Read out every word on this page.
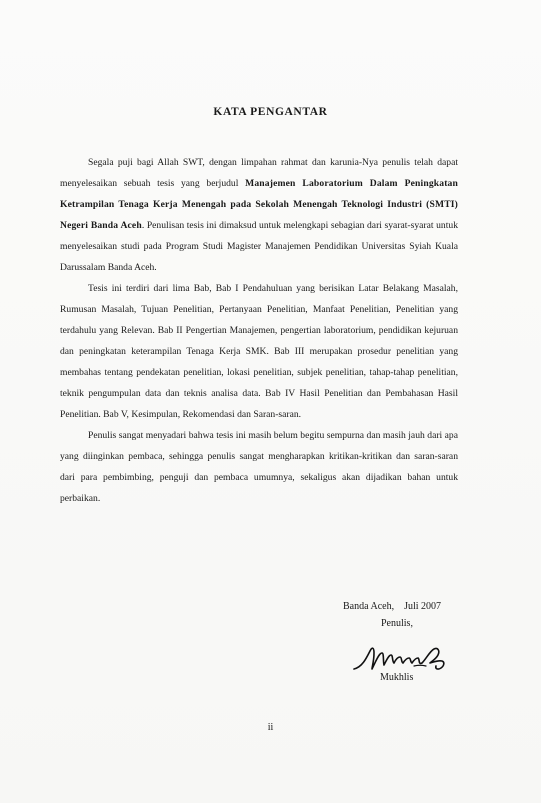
KATA PENGANTAR

Segala puji bagi Allah SWT, dengan limpahan rahmat dan karunia-Nya penulis telah dapat menyelesaikan sebuah tesis yang berjudul Manajemen Laboratorium Dalam Peningkatan Ketrampilan Tenaga Kerja Menengah pada Sekolah Menengah Teknologi Industri (SMTI) Negeri Banda Aceh. Penulisan tesis ini dimaksud untuk melengkapi sebagian dari syarat-syarat untuk menyelesaikan studi pada Program Studi Magister Manajemen Pendidikan Universitas Syiah Kuala Darussalam Banda Aceh.

Tesis ini terdiri dari lima Bab, Bab I Pendahuluan yang berisikan Latar Belakang Masalah, Rumusan Masalah, Tujuan Penelitian, Pertanyaan Penelitian, Manfaat Penelitian, Penelitian yang terdahulu yang Relevan. Bab II Pengertian Manajemen, pengertian laboratorium, pendidikan kejuruan dan peningkatan keterampilan Tenaga Kerja SMK. Bab III merupakan prosedur penelitian yang membahas tentang pendekatan penelitian, lokasi penelitian, subjek penelitian, tahap-tahap penelitian, teknik pengumpulan data dan teknis analisa data. Bab IV Hasil Penelitian dan Pembahasan Hasil Penelitian. Bab V, Kesimpulan, Rekomendasi dan Saran-saran.

Penulis sangat menyadari bahwa tesis ini masih belum begitu sempurna dan masih jauh dari apa yang diinginkan pembaca, sehingga penulis sangat mengharapkan kritikan-kritikan dan saran-saran dari para pembimbing, penguji dan pembaca umumnya, sekaligus akan dijadikan bahan untuk perbaikan.

Banda Aceh,    Juli 2007
Penulis,
Mukhlis
ii
